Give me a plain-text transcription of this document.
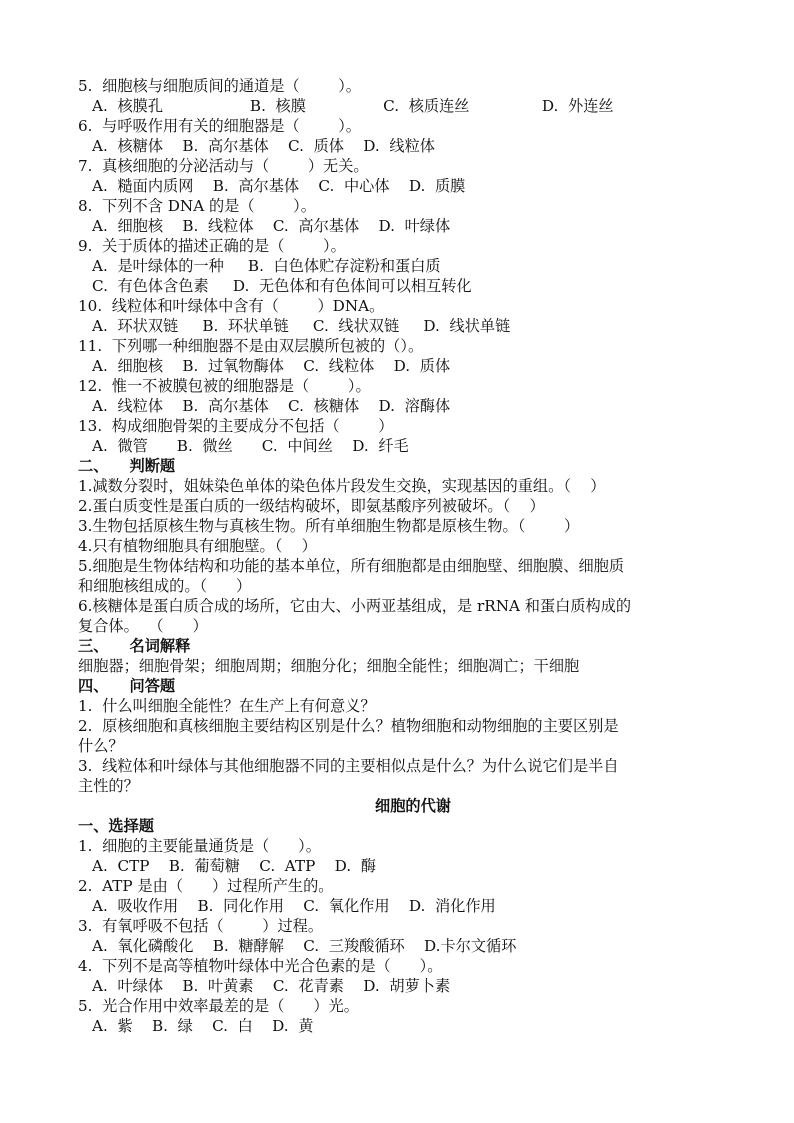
5.  细胞核与细胞质间的通道是（        ）。
A.  核膜孔                  B.  核膜                C.  核质连丝               D.  外连丝
6.  与呼吸作用有关的细胞器是（        ）。
A.  核糖体    B.  高尔基体    C.  质体    D.  线粒体
7.  真核细胞的分泌活动与（        ）无关。
A.  糙面内质网    B.  高尔基体    C.  中心体    D.  质膜
8.  下列不含 DNA 的是（        ）。
A.  细胞核    B.  线粒体    C.  高尔基体    D.  叶绿体
9.  关于质体的描述正确的是（        ）。
A.  是叶绿体的一种     B.  白色体贮存淀粉和蛋白质
C.  有色体含色素     D.  无色体和有色体间可以相互转化
10.  线粒体和叶绿体中含有（        ）DNA。
A.  环状双链     B.  环状单链     C.  线状双链     D.  线状单链
11.  下列哪一种细胞器不是由双层膜所包被的（）。
A.  细胞核    B.  过氧物酶体    C.  线粒体    D.  质体
12.  惟一不被膜包被的细胞器是（        ）。
A.  线粒体    B.  高尔基体    C.  核糖体    D.  溶酶体
13.  构成细胞骨架的主要成分不包括（        ）
A.  微管      B.  微丝      C.  中间丝    D.  纤毛
二、    判断题
1.减数分裂时，姐妹染色单体的染色体片段发生交换，实现基因的重组。（    ）
2.蛋白质变性是蛋白质的一级结构破坏，即氨基酸序列被破坏。（    ）
3.生物包括原核生物与真核生物。所有单细胞生物都是原核生物。（        ）
4.只有植物细胞具有细胞壁。（    ）
5.细胞是生物体结构和功能的基本单位，所有细胞都是由细胞壁、细胞膜、细胞质
和细胞核组成的。（      ）
6.核糖体是蛋白质合成的场所，它由大、小两亚基组成，是 rRNA 和蛋白质构成的
复合体。  （      ）
三、    名词解释
细胞器；细胞骨架；细胞周期；细胞分化；细胞全能性；细胞凋亡；干细胞
四、    问答题
1.  什么叫细胞全能性？在生产上有何意义？
2.  原核细胞和真核细胞主要结构区别是什么？植物细胞和动物细胞的主要区别是
什么？
3.  线粒体和叶绿体与其他细胞器不同的主要相似点是什么？为什么说它们是半自
主性的？
细胞的代谢
一、选择题
1.  细胞的主要能量通货是（      ）。
A.  CTP    B.  葡萄糖    C.  ATP    D.  酶
2.  ATP 是由（      ）过程所产生的。
A.  吸收作用    B.  同化作用    C.  氧化作用    D.  消化作用
3.  有氧呼吸不包括（        ）过程。
A.  氧化磷酸化    B.  糖酵解    C.  三羧酸循环    D.卡尔文循环
4.  下列不是高等植物叶绿体中光合色素的是（      ）。
A.  叶绿体    B.  叶黄素    C.  花青素    D.  胡萝卜素
5.  光合作用中效率最差的是（      ）光。
A.  紫    B.  绿    C.  白    D.  黄
